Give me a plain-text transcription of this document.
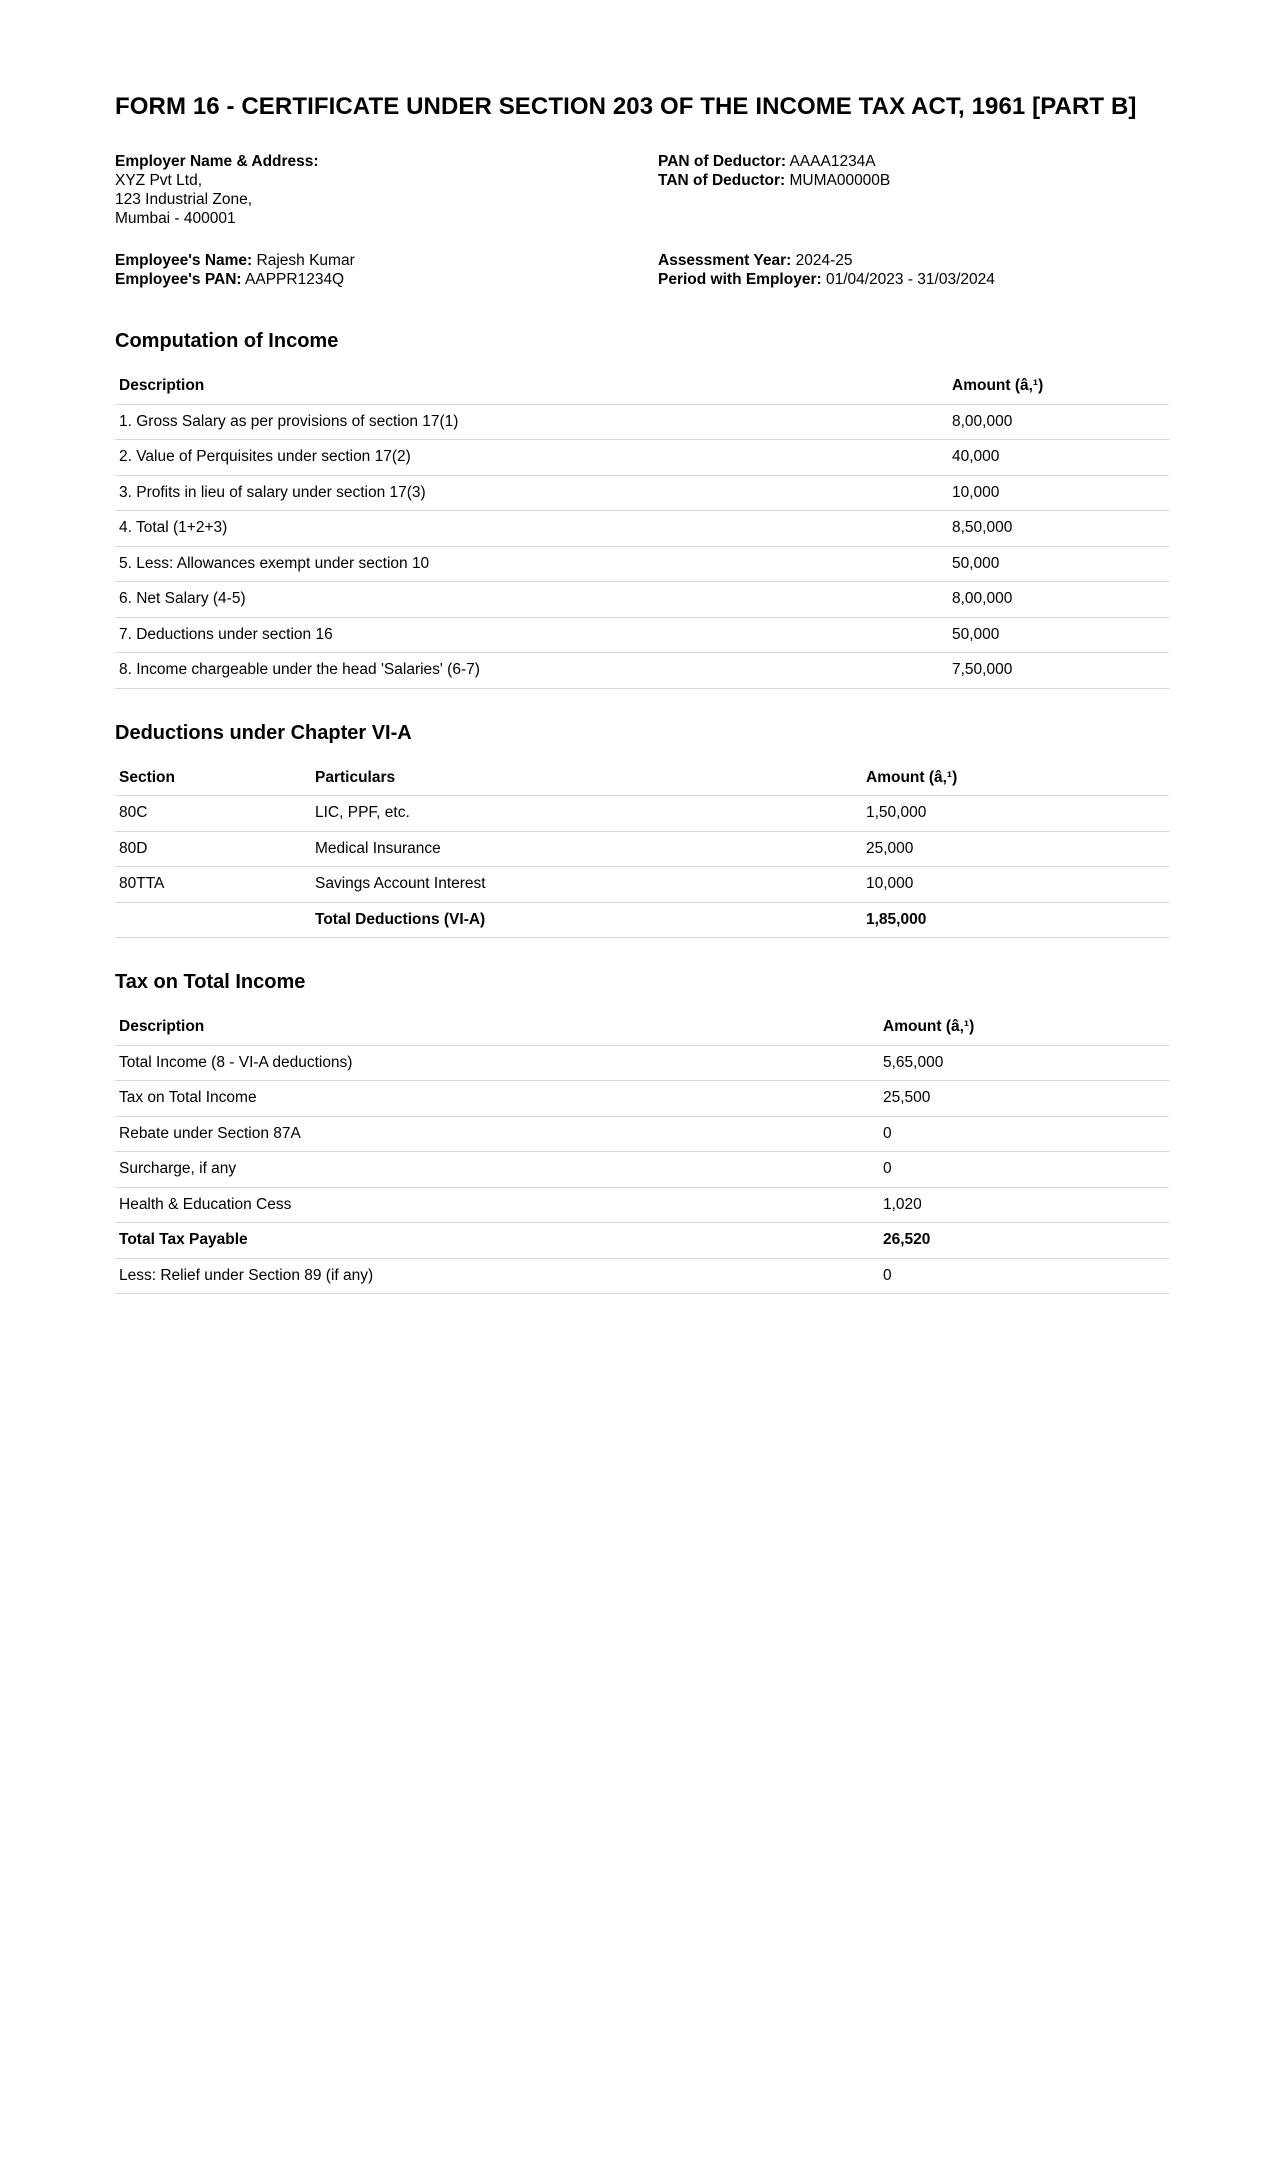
FORM 16 - CERTIFICATE UNDER SECTION 203 OF THE INCOME TAX ACT, 1961 [PART B]
Employer Name & Address:
XYZ Pvt Ltd,
123 Industrial Zone,
Mumbai - 400001
PAN of Deductor: AAAA1234A
TAN of Deductor: MUMA00000B
Employee's Name: Rajesh Kumar
Employee's PAN: AAPPR1234Q
Assessment Year: 2024-25
Period with Employer: 01/04/2023 - 31/03/2024
Computation of Income
Description	Amount (â‚¹)
1. Gross Salary as per provisions of section 17(1)	8,00,000
2. Value of Perquisites under section 17(2)	40,000
3. Profits in lieu of salary under section 17(3)	10,000
4. Total (1+2+3)	8,50,000
5. Less: Allowances exempt under section 10	50,000
6. Net Salary (4-5)	8,00,000
7. Deductions under section 16	50,000
8. Income chargeable under the head 'Salaries' (6-7)	7,50,000
Deductions under Chapter VI-A
Section	Particulars	Amount (â‚¹)
80C	LIC, PPF, etc.	1,50,000
80D	Medical Insurance	25,000
80TTA	Savings Account Interest	10,000
	Total Deductions (VI-A)	1,85,000
Tax on Total Income
Description	Amount (â‚¹)
Total Income (8 - VI-A deductions)	5,65,000
Tax on Total Income	25,500
Rebate under Section 87A	0
Surcharge, if any	0
Health & Education Cess	1,020
Total Tax Payable	26,520
Less: Relief under Section 89 (if any)	0
